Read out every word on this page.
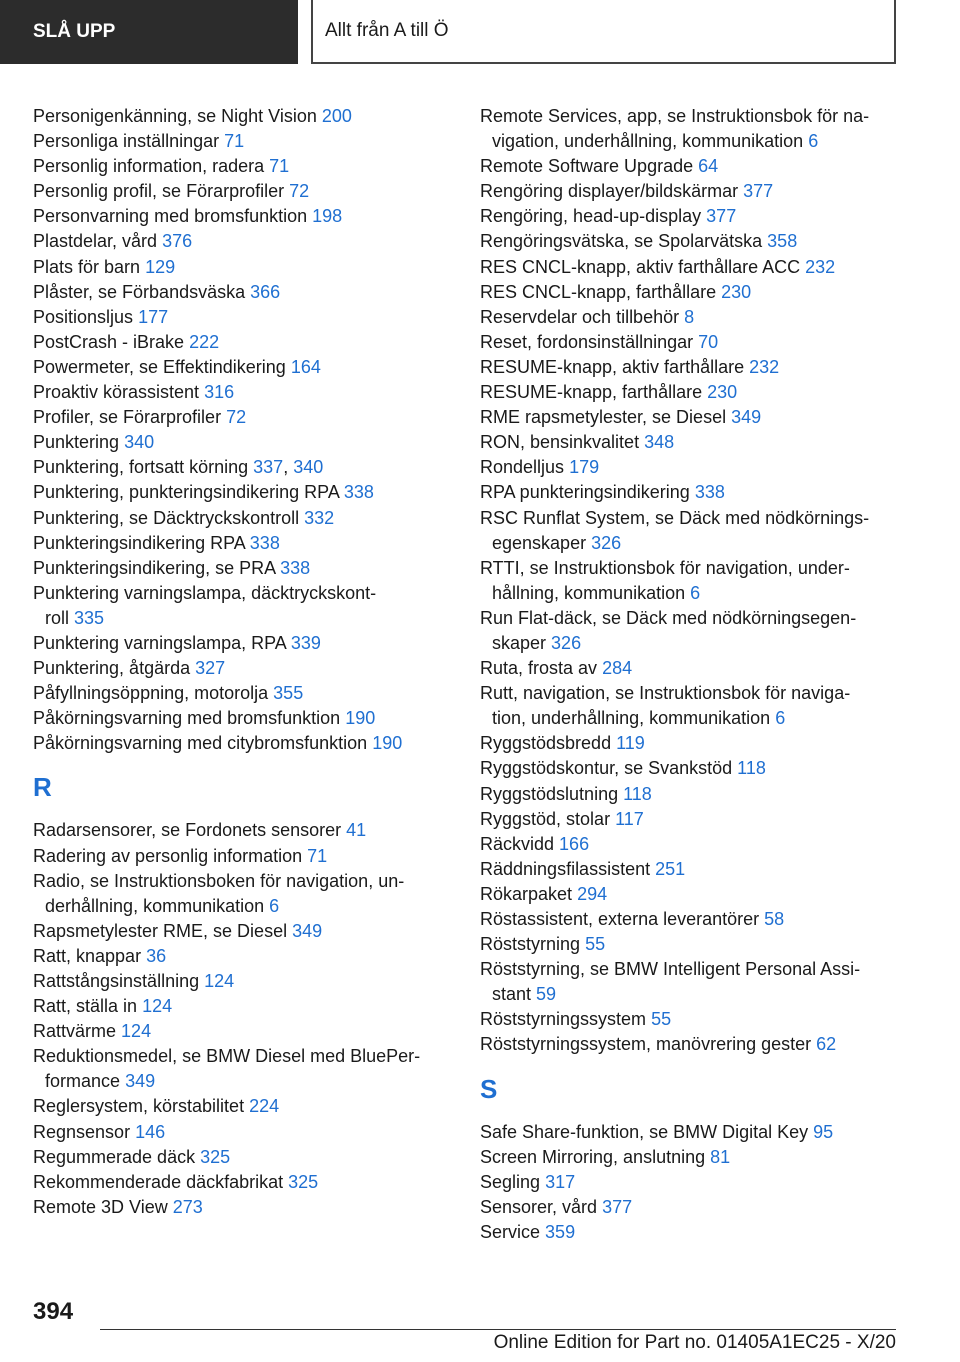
SLÅ UPP	Allt från A till Ö
Personigenkänning, se Night Vision 200
Personliga inställningar 71
Personlig information, radera 71
Personlig profil, se Förarprofiler 72
Personvarning med bromsfunktion 198
Plastdelar, vård 376
Plats för barn 129
Plåster, se Förbandsväska 366
Positionsljus 177
PostCrash - iBrake 222
Powermeter, se Effektindikering 164
Proaktiv körassistent 316
Profiler, se Förarprofiler 72
Punktering 340
Punktering, fortsatt körning 337, 340
Punktering, punkteringsindikering RPA 338
Punktering, se Däcktryckskontroll 332
Punkteringsindikering RPA 338
Punkteringsindikering, se PRA 338
Punktering varningslampa, däcktryckskont-
roll 335
Punktering varningslampa, RPA 339
Punktering, åtgärda 327
Påfyllningsöppning, motorolja 355
Påkörningsvarning med bromsfunktion 190
Påkörningsvarning med citybromsfunktion 190
R
Radarsensorer, se Fordonets sensorer 41
Radering av personlig information 71
Radio, se Instruktionsboken för navigation, un-
derhållning, kommunikation 6
Rapsmetylester RME, se Diesel 349
Ratt, knappar 36
Rattstångsinställning 124
Ratt, ställa in 124
Rattvärme 124
Reduktionsmedel, se BMW Diesel med BluePer-
formance 349
Reglersystem, körstabilitet 224
Regnsensor 146
Regummerade däck 325
Rekommenderade däckfabrikat 325
Remote 3D View 273
Remote Services, app, se Instruktionsbok för na-
vigation, underhållning, kommunikation 6
Remote Software Upgrade 64
Rengöring displayer/bildskärmar 377
Rengöring, head-up-display 377
Rengöringsvätska, se Spolarvätska 358
RES CNCL-knapp, aktiv farthållare ACC 232
RES CNCL-knapp, farthållare 230
Reservdelar och tillbehör 8
Reset, fordonsinställningar 70
RESUME-knapp, aktiv farthållare 232
RESUME-knapp, farthållare 230
RME rapsmetylester, se Diesel 349
RON, bensinkvalitet 348
Rondelljus 179
RPA punkteringsindikering 338
RSC Runflat System, se Däck med nödkörnings-
egenskaper 326
RTTI, se Instruktionsbok för navigation, under-
hållning, kommunikation 6
Run Flat-däck, se Däck med nödkörningsegen-
skaper 326
Ruta, frosta av 284
Rutt, navigation, se Instruktionsbok för naviga-
tion, underhållning, kommunikation 6
Ryggstödsbredd 119
Ryggstödskontur, se Svankstöd 118
Ryggstödslutning 118
Ryggstöd, stolar 117
Räckvidd 166
Räddningsfilassistent 251
Rökarpaket 294
Röstassistent, externa leverantörer 58
Röststyrning 55
Röststyrning, se BMW Intelligent Personal Assi-
stant 59
Röststyrningssystem 55
Röststyrningssystem, manövrering gester 62
S
Safe Share-funktion, se BMW Digital Key 95
Screen Mirroring, anslutning 81
Segling 317
Sensorer, vård 377
Service 359
394
Online Edition for Part no. 01405A1EC25 - X/20
